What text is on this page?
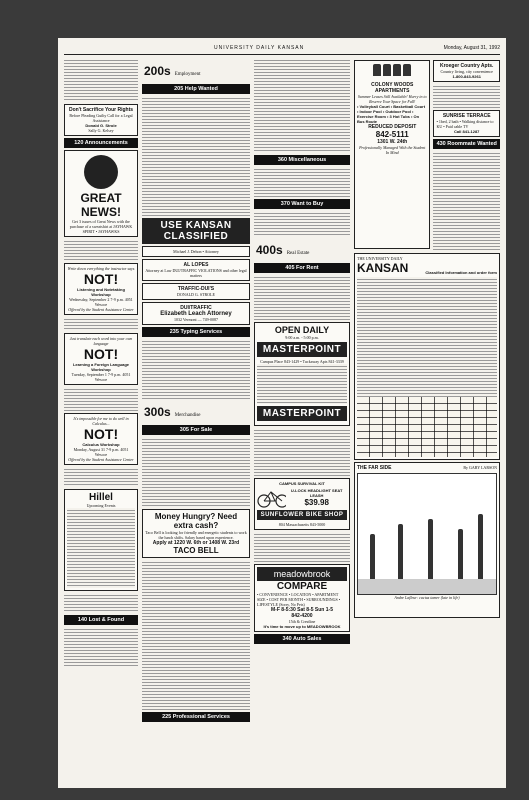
UNIVERSITY DAILY KANSAN	Monday, August 31, 1992
Don't Sacrifice Your Rights
Before Pleading Guilty Call for a Legal Assistance
Donald G. Strole
Sally G. Kelsey
120 Announcements
GREAT NEWS!
Get 3 issues of Great News with the purchase of a sweatshirt at JAYHAWK SPIRIT • JAYHAWKS
Write down everything the instructor says
NOT!
Listening and Notetaking Workshop
Wednesday, September 2 7-9 p.m. 4051 Wescoe
Offered by the Student Assistance Center
Just translate each word into your own language
NOT!
Learning a Foreign Language Workshop
Tuesday, September 1 7-9 p.m. 4051 Wescoe
It's impossible for me to do well in Calculus...
NOT!
Calculus Workshop
Monday, August 31 7-9 p.m. 4051 Wescoe
Offered by the Student Assistance Center
Hillel
Upcoming Events
140 Lost & Found
200s Employment
205 Help Wanted
USE KANSAN CLASSIFIED
Michael J. Dehon • Attorney
AL LOPES
Attorney at Law DUI/TRAFFIC VIOLATIONS and other legal matters
TRAFFIC-DUI'S
DONALD G. STROLE
DUI/TRAFFIC
Elizabeth Leach Attorney
1032 Vermont — 749-0087
235 Typing Services
300s Merchandise
305 For Sale
Money Hungry? Need extra cash?
Taco Bell is looking for friendly and energetic students to work the lunch shifts. Salary based upon experience.
Apply at 1220 W. 6th or 1408 W. 23rd
TACO BELL
225 Professional Services
360 Miscellaneous
370 Want to Buy
400s Real Estate
405 For Rent
OPEN DAILY
9:00 a.m. - 5:00 p.m.
MASTERPOINT
Campus Place 843-1429 • Tuckaway Apts 841-3339
MASTERPOINT
CAMPUS SURVIVAL KIT
U-LOCK HEADLIGHT SEAT LEASH
$39.98
SUNFLOWER BIKE SHOP
804 Massachusetts 843-5000
meadowbrook
COMPARE
• CONVENIENCE • LOCATION • APARTMENT SIZE • COST PER MONTH • SURROUNDINGS • LIFESTYLE (Sorry, No Pets)
M-F 8-5:30 Sat 8-5 Sun 1-5
842-4200
15th & Crestline
It's time to move up to MEADOWBROOK
340 Auto Sales
COLONY WOODS APARTMENTS
Summer Leases Still Available! Hurry in to Reserve Your Space for Fall!
• Volleyball Court • Basketball Court • Indoor Pool • Outdoor Pool • Exercise Room • 3 Hot Tubs • On Bus Route
REDUCED DEPOSIT
842-5111
1301 W. 24th
Professionally Managed With the Student In Mind
Kroeger Country Apts.
Country living, city convenience
1-800-843-9261
SUNRISE TERRACE
• 1bed, 2 bath • Walking distance to KU • Paid cable TV
Call 841-1287
430 Roommate Wanted
THE UNIVERSITY DAILY
KANSAN	Classified Information and order form
THE FAR SIDE	By GARY LARSON
Andre Lafleur: cactus tamer (late in life)
